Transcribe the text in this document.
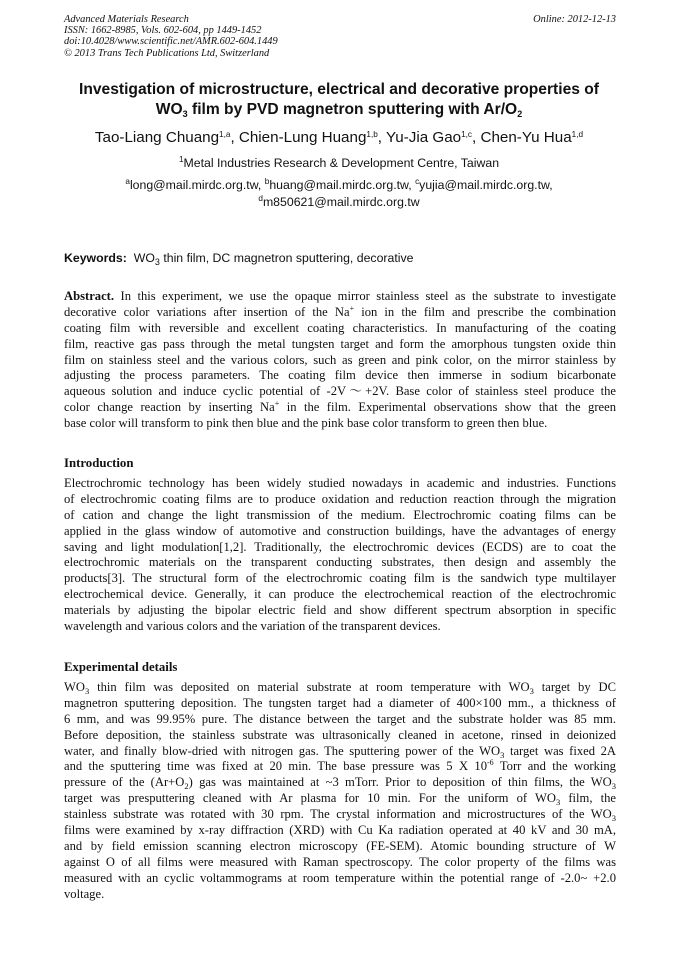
Advanced Materials Research
ISSN: 1662-8985, Vols. 602-604, pp 1449-1452
doi:10.4028/www.scientific.net/AMR.602-604.1449
© 2013 Trans Tech Publications Ltd, Switzerland
Online: 2012-12-13
Investigation of microstructure, electrical and decorative properties of
WO3 film by PVD magnetron sputtering with Ar/O2
Tao-Liang Chuang$^{1,a}$, Chien-Lung Huang$^{1,b}$, Yu-Jia Gao$^{1,c}$, Chen-Yu Hua$^{1,d}$
$^1$Metal Industries Research & Development Centre, Taiwan
$^a$long@mail.mirdc.org.tw, $^b$huang@mail.mirdc.org.tw, $^c$yujia@mail.mirdc.org.tw,
$^d$m850621@mail.mirdc.org.tw
Keywords: $WO_3$ thin film, DC magnetron sputtering, decorative
Abstract. In this experiment, we use the opaque mirror stainless steel as the substrate to investigate
decorative color variations after insertion of the Na+ ion in the film and prescribe the combination
coating film with reversible and excellent coating characteristics. In manufacturing of the coating
film, reactive gas pass through the metal tungsten target and form the amorphous tungsten oxide thin
film on stainless steel and the various colors, such as green and pink color, on the mirror stainless by
adjusting the process parameters. The coating film device then immerse in sodium bicarbonate
aqueous solution and induce cyclic potential of -2V～+2V. Base color of stainless steel produce the
color change reaction by inserting Na+ in the film. Experimental observations show that the green
base color will transform to pink then blue and the pink base color transform to green then blue.
Introduction
Electrochromic technology has been widely studied nowadays in academic and industries. Functions
of electrochromic coating films are to produce oxidation and reduction reaction through the migration
of cation and change the light transmission of the medium. Electrochromic coating films can be
applied in the glass window of automotive and construction buildings, have the advantages of energy
saving and light modulation[1,2]. Traditionally, the electrochromic devices (ECDS) are to coat the
electrochromic materials on the transparent conducting substrates, then design and assembly the
products[3]. The structural form of the electrochromic coating film is the sandwich type multilayer
electrochemical device. Generally, it can produce the electrochemical reaction of the electrochromic
materials by adjusting the bipolar electric field and show different spectrum absorption in specific
wavelength and various colors and the variation of the transparent devices.
Experimental details
$WO_3$ thin film was deposited on material substrate at room temperature with $WO_3$ target by DC
magnetron sputtering deposition. The tungsten target had a diameter of 400×100 mm., a thickness of
6 mm, and was 99.95% pure. The distance between the target and the substrate holder was 85 mm.
Before deposition, the stainless substrate was ultrasonically cleaned in acetone, rinsed in deionized
water, and finally blow-dried with nitrogen gas. The sputtering power of the $WO_3$ target was fixed 2A
and the sputtering time was fixed at 20 min. The base pressure was 5 X $10^{-6}$ Torr and the working
pressure of the $(Ar+O_2)$ gas was maintained at ~3 mTorr. Prior to deposition of thin films, the $WO_3$
target was presputtering cleaned with Ar plasma for 10 min. For the uniform of $WO_3$ film, the
stainless substrate was rotated with 30 rpm. The crystal information and microstructures of the $WO_3$
films were examined by x-ray diffraction (XRD) with Cu Ka radiation operated at 40 kV and 30 mA,
and by field emission scanning electron microscopy (FE-SEM). Atomic bounding structure of W
against O of all films were measured with Raman spectroscopy. The color property of the films was
measured with an cyclic voltammograms at room temperature within the potential range of -2.0~ +2.0
voltage.
